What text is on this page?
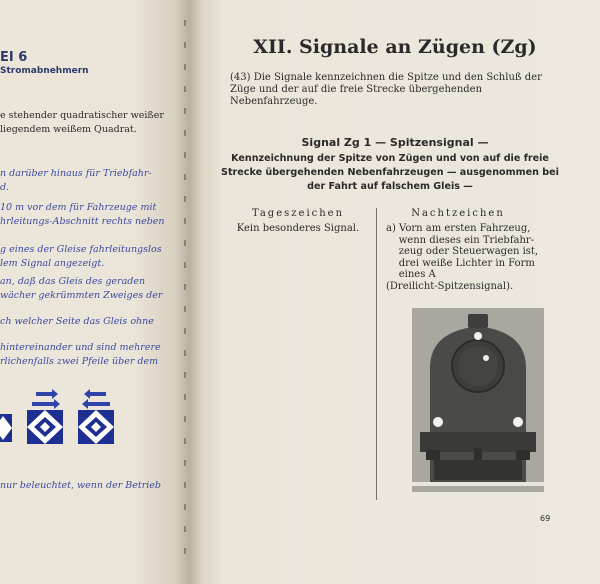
EI 6
Stromabnehmern
e stehender quadratischer weißer
liegendem weißem Quadrat.
n darüber hinaus für Triebfahr-
d.
10 m vor dem für Fahrzeuge mit
hrleitungs-Abschnitt rechts neben
g eines der Gleise fahrleitungslos
lem Signal angezeigt.
an, daß das Gleis des geraden
wächer gekrümmten Zweiges der
ch welcher Seite das Gleis ohne
hintereinander und sind mehrere
rlichenfalls zwei Pfeile über dem
nur beleuchtet, wenn der Betrieb
XII. Signale an Zügen (Zg)
(43) Die Signale kennzeichnen die Spitze und den Schluß der Züge und der auf die freie Strecke übergehenden Nebenfahrzeuge.
Signal Zg 1 — Spitzensignal —
Kennzeichnung der Spitze von Zügen und von auf die freie Strecke übergehenden Nebenfahrzeugen — ausgenommen bei der Fahrt auf falschem Gleis —
Tageszeichen
Kein besonderes Signal.
Nachtzeichen
a) Vorn am ersten Fahrzeug,
wenn dieses ein Triebfahr-
zeug oder Steuerwagen ist,
drei weiße Lichter in Form
eines A
(Dreilicht-Spitzensignal).
69
